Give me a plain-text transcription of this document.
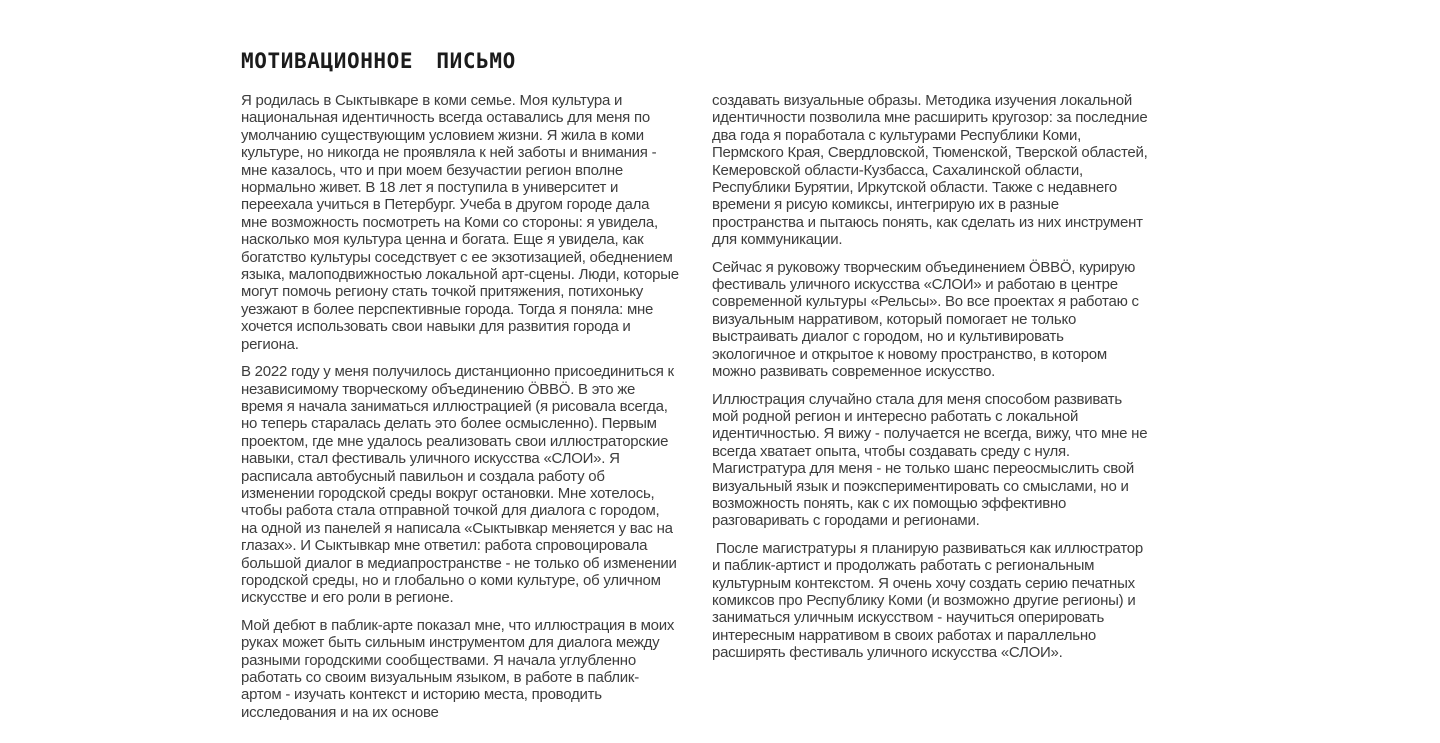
МОТИВАЦИОННОЕ ПИСЬМО

Я родилась в Сыктывкаре в коми семье. Моя культура и национальная идентичность всегда оставались для меня по умолчанию существующим условием жизни. Я жила в коми культуре, но никогда не проявляла к ней заботы и внимания - мне казалось, что и при моем безучастии регион вполне нормально живет. В 18 лет я поступила в университет и переехала учиться в Петербург. Учеба в другом городе дала мне возможность посмотреть на Коми со стороны: я увидела, насколько моя культура ценна и богата. Еще я увидела, как богатство культуры соседствует с ее экзотизацией, обеднением языка, малоподвижностью локальной арт-сцены. Люди, которые могут помочь региону стать точкой притяжения, потихоньку уезжают в более перспективные города. Тогда я поняла: мне хочется использовать свои навыки для развития города и региона.

В 2022 году у меня получилось дистанционно присоединиться к независимому творческому объединению ÖВВÖ. В это же время я начала заниматься иллюстрацией (я рисовала всегда, но теперь старалась делать это более осмысленно). Первым проектом, где мне удалось реализовать свои иллюстраторские навыки, стал фестиваль уличного искусства «СЛОИ». Я расписала автобусный павильон и создала работу об изменении городской среды вокруг остановки. Мне хотелось, чтобы работа стала отправной точкой для диалога с городом, на одной из панелей я написала «Сыктывкар меняется у вас на глазах». И Сыктывкар мне ответил: работа спровоцировала большой диалог в медиапространстве - не только об изменении городской среды, но и глобально о коми культуре, об уличном искусстве и его роли в регионе.

Мой дебют в паблик-арте показал мне, что иллюстрация в моих руках может быть сильным инструментом для диалога между разными городскими сообществами. Я начала углубленно работать со своим визуальным языком, в работе в паблик-артом - изучать контекст и историю места, проводить исследования и на их основе

создавать визуальные образы. Методика изучения локальной идентичности позволила мне расширить кругозор: за последние два года я поработала с культурами Республики Коми, Пермского Края, Свердловской, Тюменской, Тверской областей, Кемеровской области-Кузбасса, Сахалинской области, Республики Бурятии, Иркутской области. Также с недавнего времени я рисую комиксы, интегрирую их в разные пространства и пытаюсь понять, как сделать из них инструмент для коммуникации.

Сейчас я руковожу творческим объединением ÖВВÖ, курирую фестиваль уличного искусства «СЛОИ» и работаю в центре современной культуры «Рельсы». Во все проектах я работаю с визуальным нарративом, который помогает не только выстраивать диалог с городом, но и культивировать экологичное и открытое к новому пространство, в котором можно развивать современное искусство.

Иллюстрация случайно стала для меня способом развивать мой родной регион и интересно работать с локальной идентичностью. Я вижу - получается не всегда, вижу, что мне не всегда хватает опыта, чтобы создавать среду с нуля. Магистратура для меня - не только шанс переосмыслить свой визуальный язык и поэкспериментировать со смыслами, но и возможность понять, как с их помощью эффективно разговаривать с городами и регионами.

После магистратуры я планирую развиваться как иллюстратор и паблик-артист и продолжать работать с региональным культурным контекстом. Я очень хочу создать серию печатных комиксов про Республику Коми (и возможно другие регионы) и заниматься уличным искусством - научиться оперировать интересным нарративом в своих работах и параллельно расширять фестиваль уличного искусства «СЛОИ».
